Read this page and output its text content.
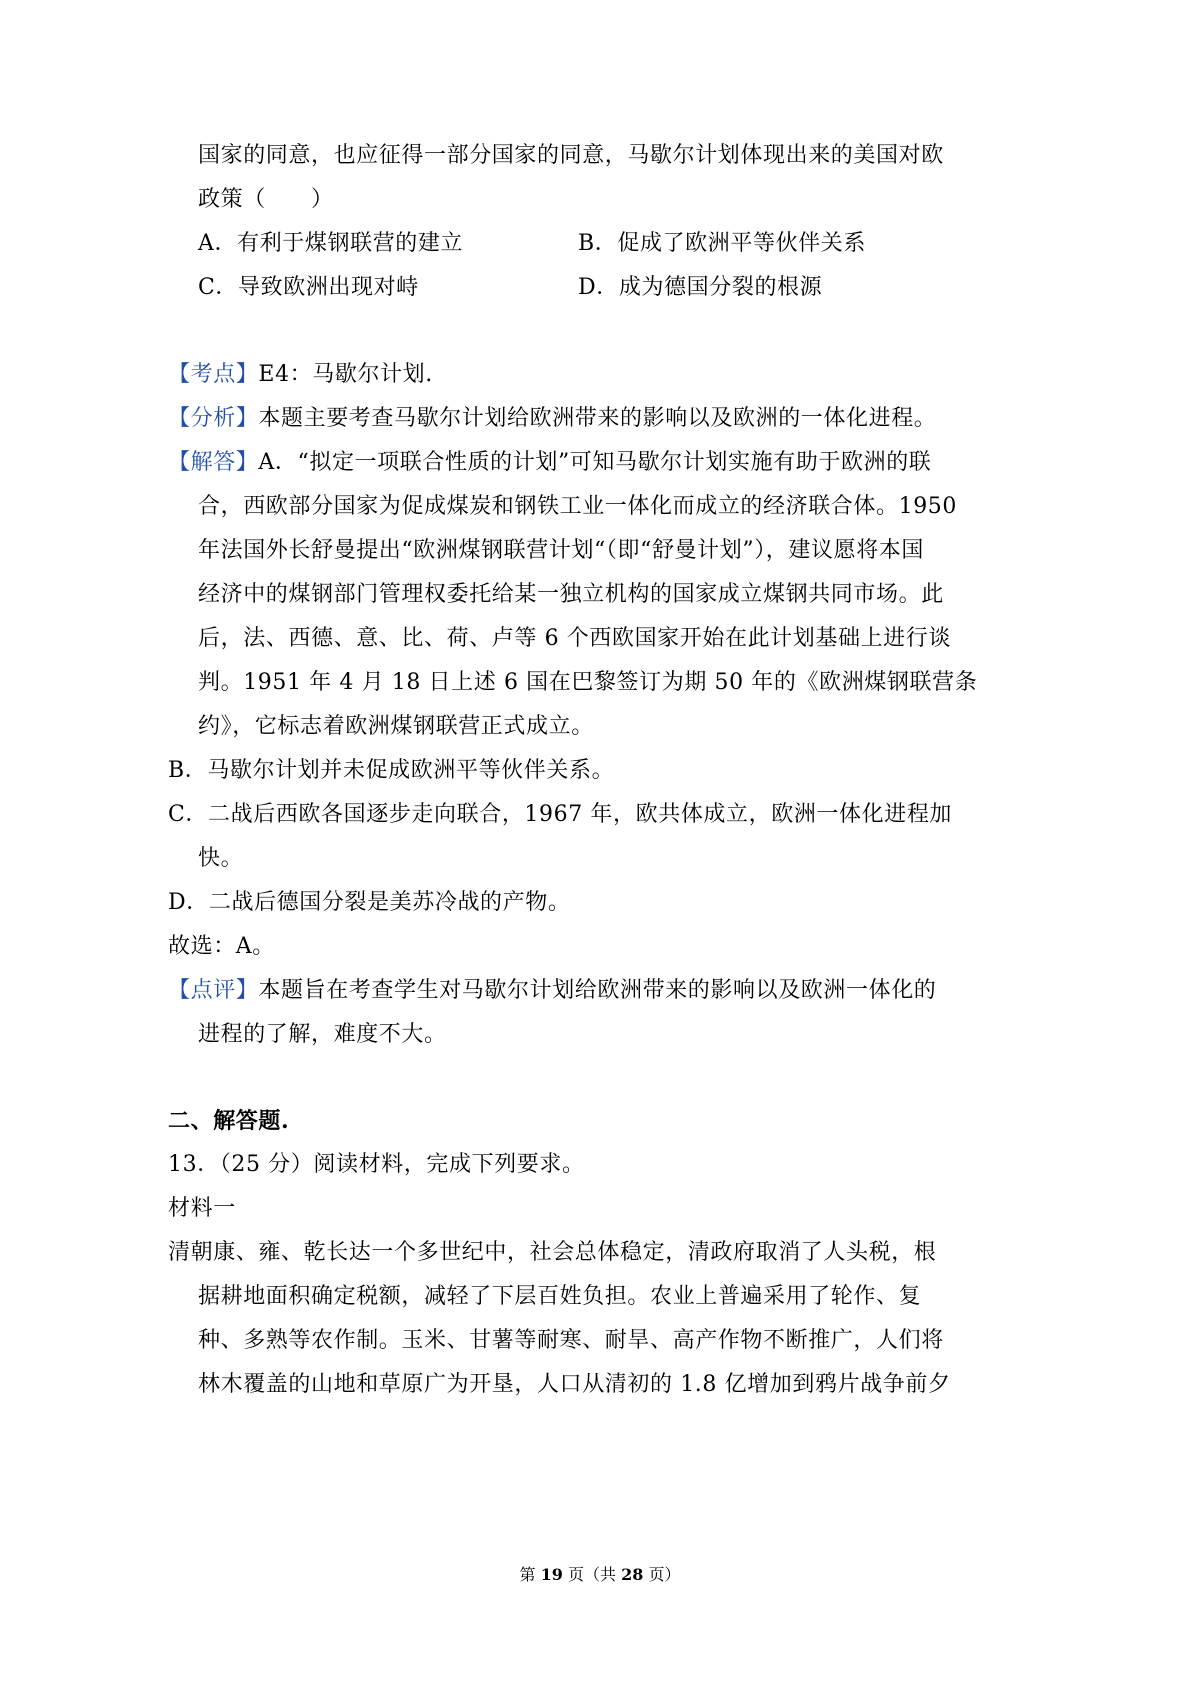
国家的同意，也应征得一部分国家的同意，马歇尔计划体现出来的美国对欧
政策（　　）
A．有利于煤钢联营的建立	B．促成了欧洲平等伙伴关系
C．导致欧洲出现对峙	D．成为德国分裂的根源
【考点】E4：马歇尔计划.
【分析】本题主要考查马歇尔计划给欧洲带来的影响以及欧洲的一体化进程。
【解答】A．“拟定一项联合性质的计划”可知马歇尔计划实施有助于欧洲的联
合，西欧部分国家为促成煤炭和钢铁工业一体化而成立的经济联合体。1950
年法国外长舒曼提出“欧洲煤钢联营计划“（即“舒曼计划”），建议愿将本国
经济中的煤钢部门管理权委托给某一独立机构的国家成立煤钢共同市场。此
后，法、西德、意、比、荷、卢等 6 个西欧国家开始在此计划基础上进行谈
判。1951 年 4 月 18 日上述 6 国在巴黎签订为期 50 年的《欧洲煤钢联营条
约》，它标志着欧洲煤钢联营正式成立。
B．马歇尔计划并未促成欧洲平等伙伴关系。
C．二战后西欧各国逐步走向联合，1967 年，欧共体成立，欧洲一体化进程加
快。
D．二战后德国分裂是美苏冷战的产物。
故选：A。
【点评】本题旨在考查学生对马歇尔计划给欧洲带来的影响以及欧洲一体化的
进程的了解，难度不大。
二、解答题.
13．（25 分）阅读材料，完成下列要求。
材料一
清朝康、雍、乾长达一个多世纪中，社会总体稳定，清政府取消了人头税，根
据耕地面积确定税额，减轻了下层百姓负担。农业上普遍采用了轮作、复
种、多熟等农作制。玉米、甘薯等耐寒、耐旱、高产作物不断推广，人们将
林木覆盖的山地和草原广为开垦，人口从清初的 1.8 亿增加到鸦片战争前夕
第 19 页（共 28 页）
